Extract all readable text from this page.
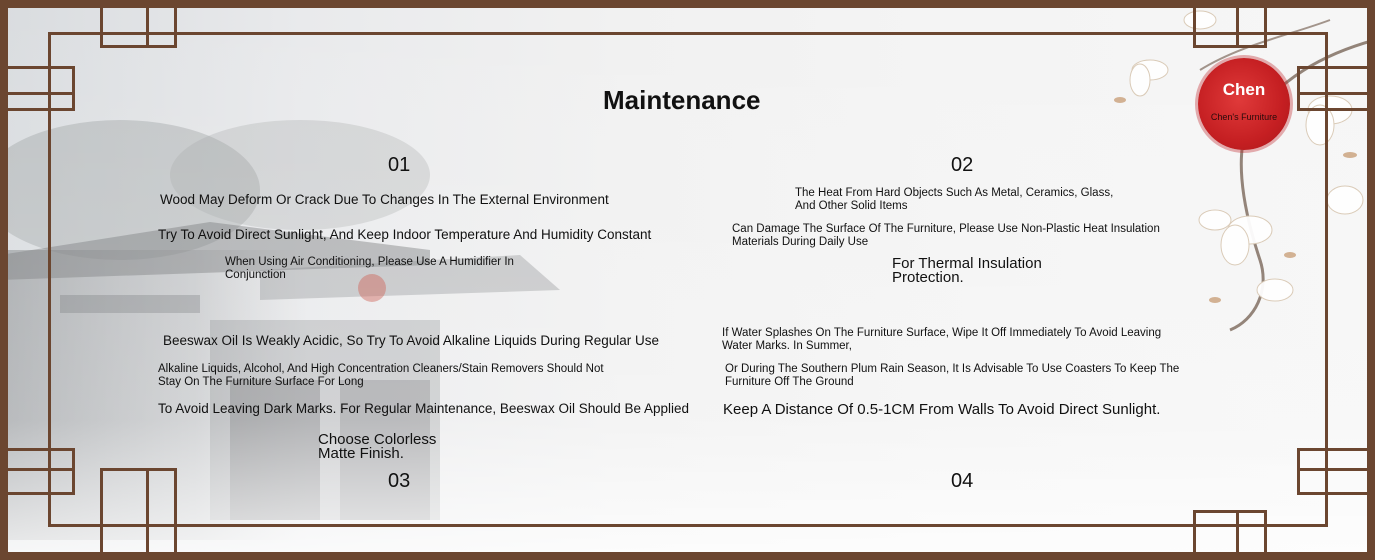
Chen
Chen's Furniture
Maintenance
01
Wood May Deform Or Crack Due To Changes In The External Environment
Try To Avoid Direct Sunlight, And Keep Indoor Temperature And Humidity Constant
When Using Air Conditioning, Please Use A Humidifier In
Conjunction
02
The Heat From Hard Objects Such As Metal, Ceramics, Glass,
And Other Solid Items
Can Damage The Surface Of The Furniture, Please Use Non-Plastic Heat Insulation
Materials During Daily Use
For Thermal Insulation
Protection.
Beeswax Oil Is Weakly Acidic, So Try To Avoid Alkaline Liquids During Regular Use
Alkaline Liquids, Alcohol, And High Concentration Cleaners/Stain Removers Should Not
Stay On The Furniture Surface For Long
To Avoid Leaving Dark Marks. For Regular Maintenance, Beeswax Oil Should Be Applied
Choose Colorless
Matte Finish.
03
If Water Splashes On The Furniture Surface, Wipe It Off Immediately To Avoid Leaving
Water Marks. In Summer,
Or During The Southern Plum Rain Season, It Is Advisable To Use Coasters To Keep The
Furniture Off The Ground
Keep A Distance Of 0.5-1CM From Walls To Avoid Direct Sunlight.
04
